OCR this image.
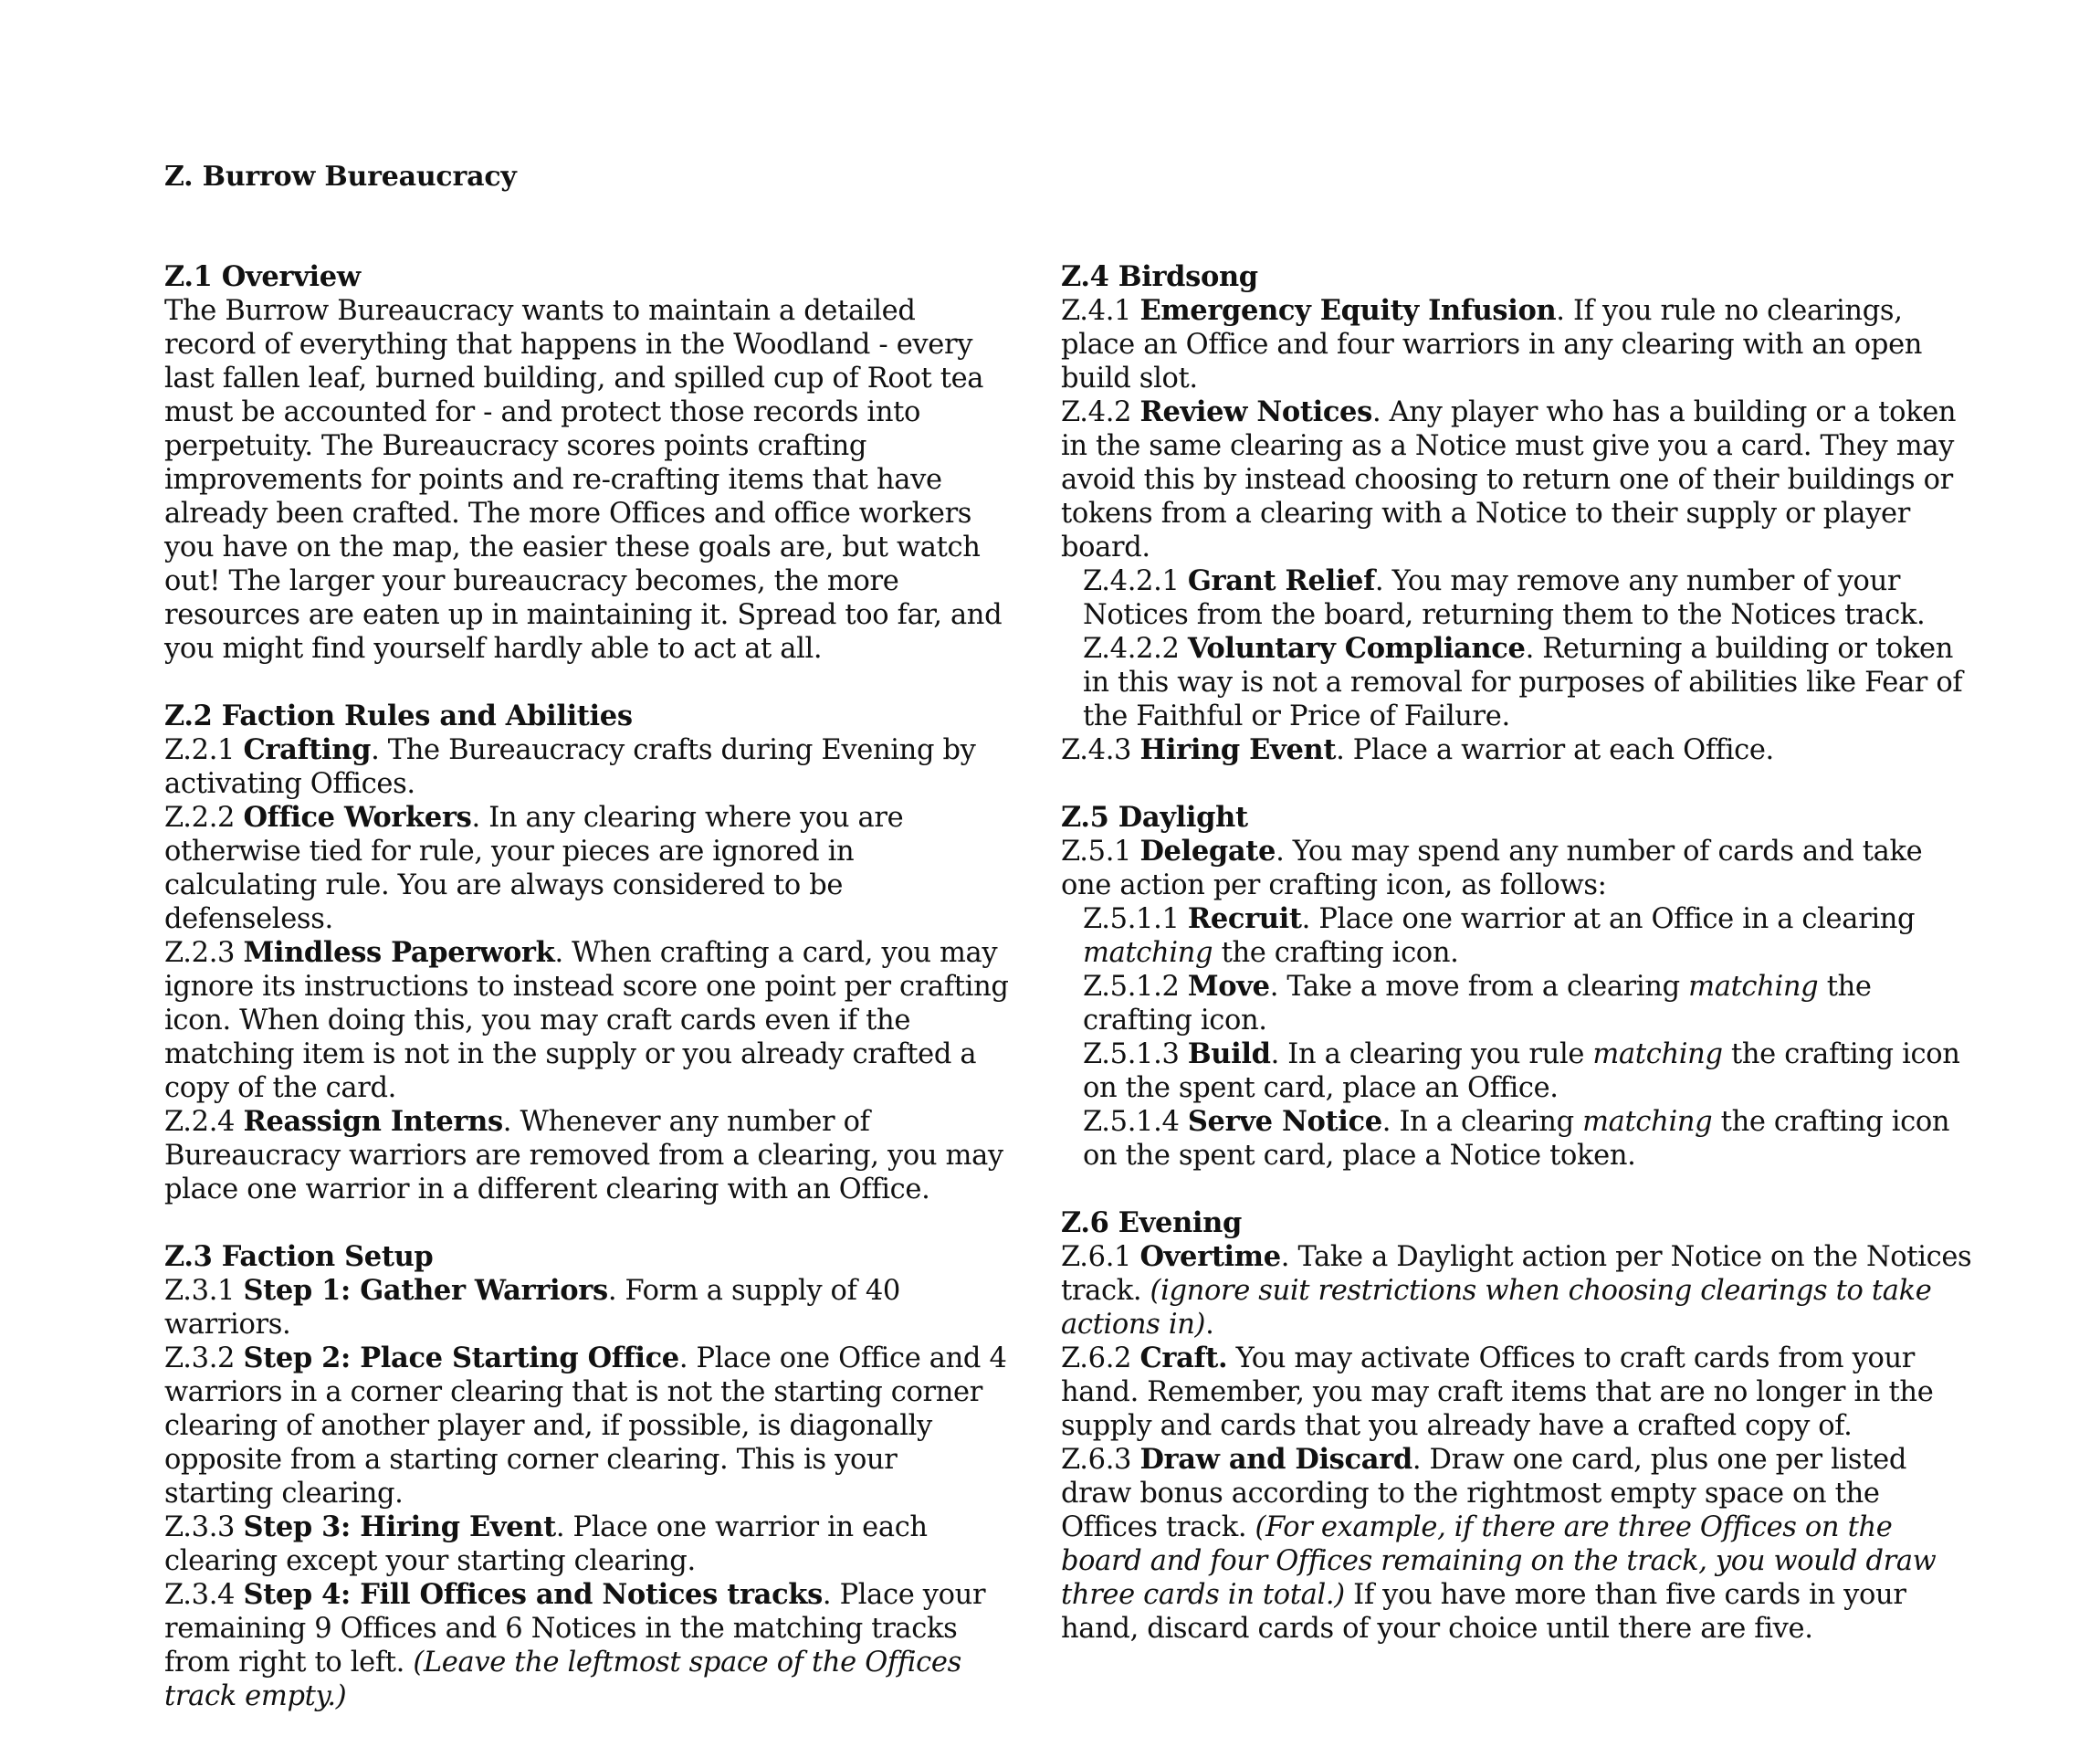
Z. Burrow Bureaucracy
Z.1 Overview
The Burrow Bureaucracy wants to maintain a detailed record of everything that happens in the Woodland - every last fallen leaf, burned building, and spilled cup of Root tea must be accounted for - and protect those records into perpetuity. The Bureaucracy scores points crafting improvements for points and re-crafting items that have already been crafted. The more Offices and office workers you have on the map, the easier these goals are, but watch out! The larger your bureaucracy becomes, the more resources are eaten up in maintaining it. Spread too far, and you might find yourself hardly able to act at all.
Z.2 Faction Rules and Abilities
Z.2.1 Crafting. The Bureaucracy crafts during Evening by activating Offices.
Z.2.2 Office Workers. In any clearing where you are otherwise tied for rule, your pieces are ignored in calculating rule. You are always considered to be defenseless.
Z.2.3 Mindless Paperwork. When crafting a card, you may ignore its instructions to instead score one point per crafting icon. When doing this, you may craft cards even if the matching item is not in the supply or you already crafted a copy of the card.
Z.2.4 Reassign Interns. Whenever any number of Bureaucracy warriors are removed from a clearing, you may place one warrior in a different clearing with an Office.
Z.3 Faction Setup
Z.3.1 Step 1: Gather Warriors. Form a supply of 40 warriors.
Z.3.2 Step 2: Place Starting Office. Place one Office and 4 warriors in a corner clearing that is not the starting corner clearing of another player and, if possible, is diagonally opposite from a starting corner clearing. This is your starting clearing.
Z.3.3 Step 3: Hiring Event. Place one warrior in each clearing except your starting clearing.
Z.3.4 Step 4: Fill Offices and Notices tracks. Place your remaining 9 Offices and 6 Notices in the matching tracks from right to left. (Leave the leftmost space of the Offices track empty.)
Z.4 Birdsong
Z.4.1 Emergency Equity Infusion. If you rule no clearings, place an Office and four warriors in any clearing with an open build slot.
Z.4.2 Review Notices. Any player who has a building or a token in the same clearing as a Notice must give you a card. They may avoid this by instead choosing to return one of their buildings or tokens from a clearing with a Notice to their supply or player board.
Z.4.2.1 Grant Relief. You may remove any number of your Notices from the board, returning them to the Notices track.
Z.4.2.2 Voluntary Compliance. Returning a building or token in this way is not a removal for purposes of abilities like Fear of the Faithful or Price of Failure.
Z.4.3 Hiring Event. Place a warrior at each Office.
Z.5 Daylight
Z.5.1 Delegate. You may spend any number of cards and take one action per crafting icon, as follows:
Z.5.1.1 Recruit. Place one warrior at an Office in a clearing matching the crafting icon.
Z.5.1.2 Move. Take a move from a clearing matching the crafting icon.
Z.5.1.3 Build. In a clearing you rule matching the crafting icon on the spent card, place an Office.
Z.5.1.4 Serve Notice. In a clearing matching the crafting icon on the spent card, place a Notice token.
Z.6 Evening
Z.6.1 Overtime. Take a Daylight action per Notice on the Notices track. (ignore suit restrictions when choosing clearings to take actions in).
Z.6.2 Craft. You may activate Offices to craft cards from your hand. Remember, you may craft items that are no longer in the supply and cards that you already have a crafted copy of.
Z.6.3 Draw and Discard. Draw one card, plus one per listed draw bonus according to the rightmost empty space on the Offices track. (For example, if there are three Offices on the board and four Offices remaining on the track, you would draw three cards in total.) If you have more than five cards in your hand, discard cards of your choice until there are five.
